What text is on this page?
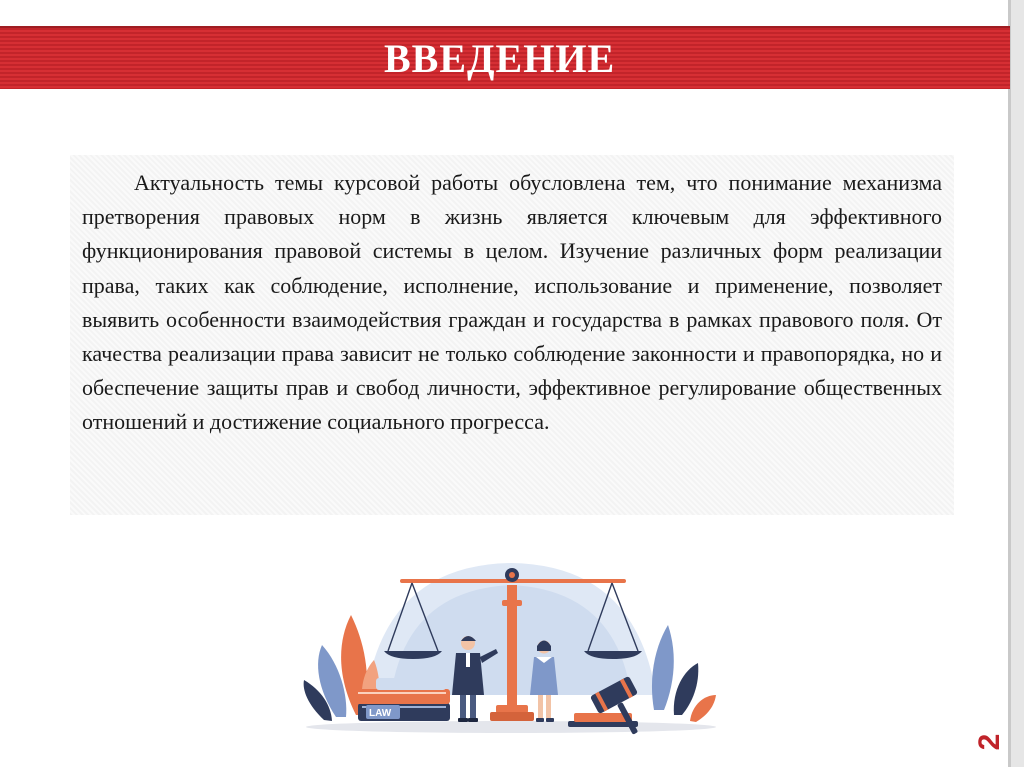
ВВЕДЕНИЕ

Актуальность темы курсовой работы обусловлена тем, что понимание механизма претворения правовых норм в жизнь является ключевым для эффективного функционирования правовой системы в целом. Изучение различных форм реализации права, таких как соблюдение, исполнение, использование и применение, позволяет выявить особенности взаимодействия граждан и государства в рамках правового поля. От качества реализации права зависит не только соблюдение законности и правопорядка, но и обеспечение защиты прав и свобод личности, эффективное регулирование общественных отношений и достижение социального прогресса.

LAW
2
